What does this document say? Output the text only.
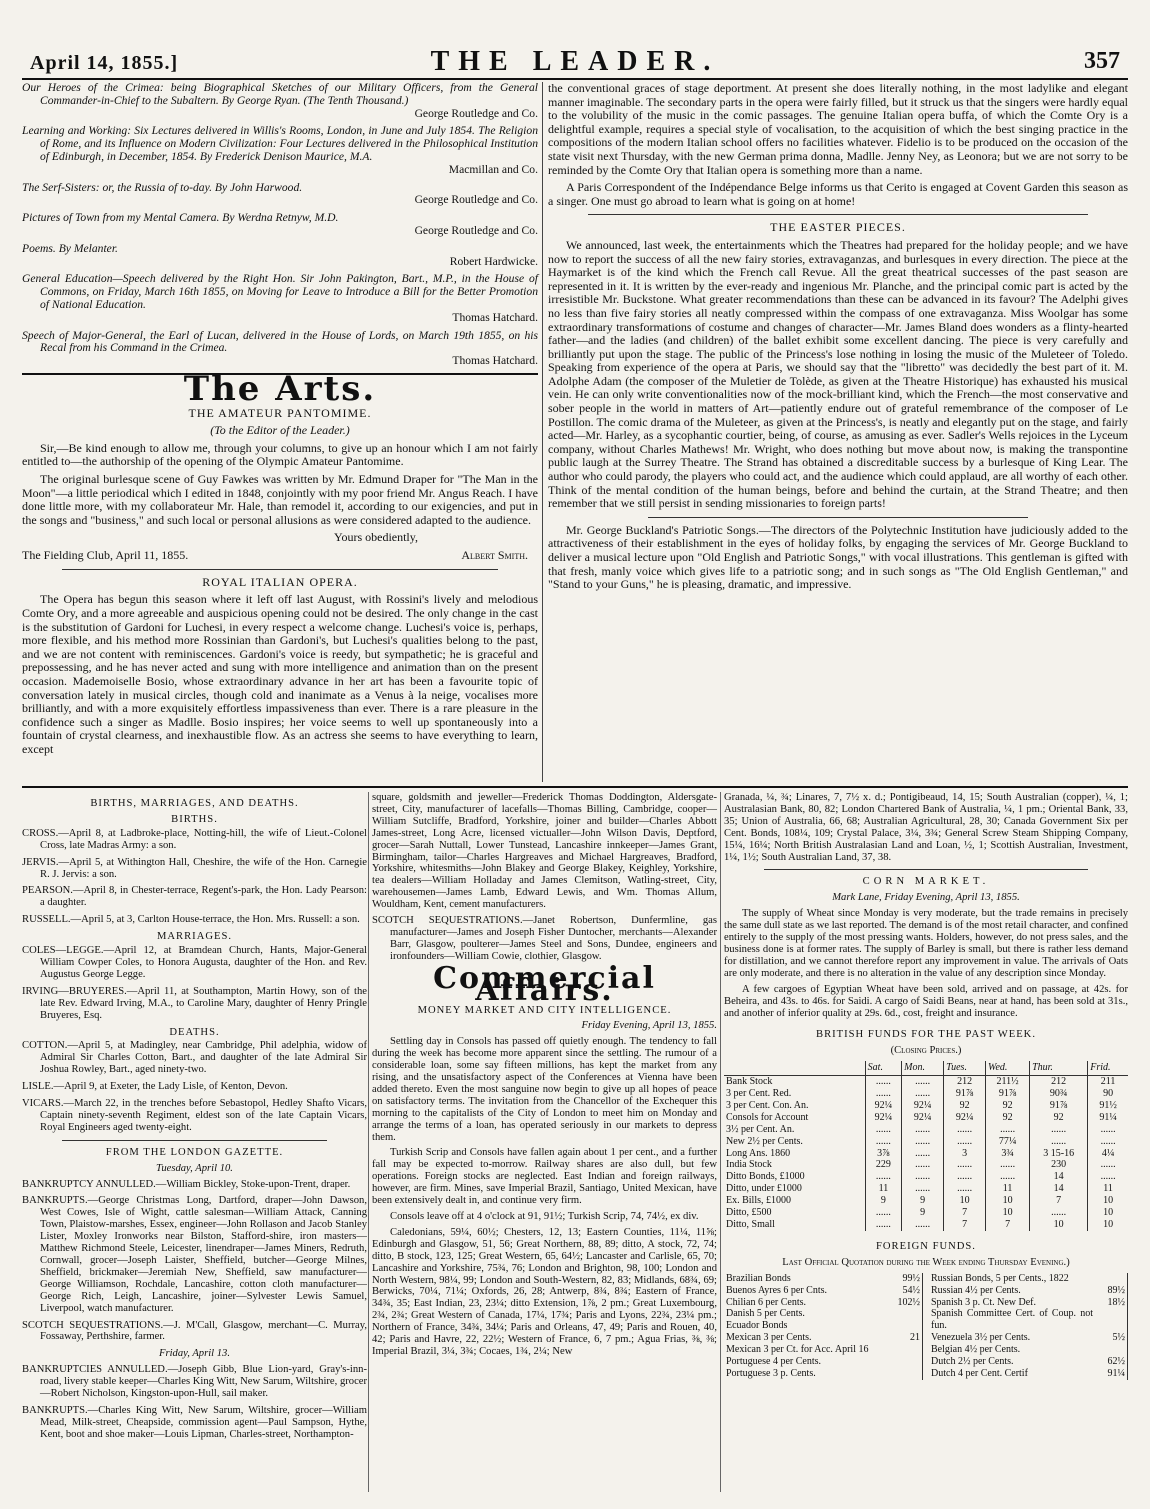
April 14, 1855.]	THE LEADER.	357

Our Heroes of the Crimea: being Biographical Sketches of our Military Officers, from the General Commander-in-Chief to the Subaltern. By George Ryan. (The Tenth Thousand.)

George Routledge and Co.

Learning and Working: Six Lectures delivered in Willis's Rooms, London, in June and July 1854. The Religion of Rome, and its Influence on Modern Civilization: Four Lectures delivered in the Philosophical Institution of Edinburgh, in December, 1854. By Frederick Denison Maurice, M.A.

Macmillan and Co.

The Serf-Sisters: or, the Russia of to-day. By John Harwood.

George Routledge and Co.

Pictures of Town from my Mental Camera. By Werdna Retnyw, M.D.

George Routledge and Co.

Poems. By Melanter.

Robert Hardwicke.

General Education—Speech delivered by the Right Hon. Sir John Pakington, Bart., M.P., in the House of Commons, on Friday, March 16th 1855, on Moving for Leave to Introduce a Bill for the Better Promotion of National Education.

Thomas Hatchard.

Speech of Major-General, the Earl of Lucan, delivered in the House of Lords, on March 19th 1855, on his Recal from his Command in the Crimea.

Thomas Hatchard.

The Arts.
THE AMATEUR PANTOMIME.
(To the Editor of the Leader.)

Sir,—Be kind enough to allow me, through your columns, to give up an honour which I am not fairly entitled to—the authorship of the opening of the Olympic Amateur Pantomime.

The original burlesque scene of Guy Fawkes was written by Mr. Edmund Draper for "The Man in the Moon"—a little periodical which I edited in 1848, conjointly with my poor friend Mr. Angus Reach. I have done little more, with my collaborateur Mr. Hale, than remodel it, according to our exigencies, and put in the songs and "business," and such local or personal allusions as were considered adapted to the audience.

Yours obediently,

The Fielding Club, April 11, 1855.	Albert Smith.

ROYAL ITALIAN OPERA.

The Opera has begun this season where it left off last August, with Rossini's lively and melodious Comte Ory, and a more agreeable and auspicious opening could not be desired. The only change in the cast is the substitution of Gardoni for Luchesi, in every respect a welcome change. Luchesi's voice is, perhaps, more flexible, and his method more Rossinian than Gardoni's, but Luchesi's qualities belong to the past, and we are not content with reminiscences. Gardoni's voice is reedy, but sympathetic; he is graceful and prepossessing, and he has never acted and sung with more intelligence and animation than on the present occasion. Mademoiselle Bosio, whose extraordinary advance in her art has been a favourite topic of conversation lately in musical circles, though cold and inanimate as a Venus à la neige, vocalises more brilliantly, and with a more exquisitely effortless impassiveness than ever. There is a rare pleasure in the confidence such a singer as Madlle. Bosio inspires; her voice seems to well up spontaneously into a fountain of crystal clearness, and inexhaustible flow. As an actress she seems to have everything to learn, except

the conventional graces of stage deportment. At present she does literally nothing, in the most ladylike and elegant manner imaginable. The secondary parts in the opera were fairly filled, but it struck us that the singers were hardly equal to the volubility of the music in the comic passages. The genuine Italian opera buffa, of which the Comte Ory is a delightful example, requires a special style of vocalisation, to the acquisition of which the best singing practice in the compositions of the modern Italian school offers no facilities whatever. Fidelio is to be produced on the occasion of the state visit next Thursday, with the new German prima donna, Madlle. Jenny Ney, as Leonora; but we are not sorry to be reminded by the Comte Ory that Italian opera is something more than a name.

A Paris Correspondent of the Indépendance Belge informs us that Cerito is engaged at Covent Garden this season as a singer. One must go abroad to learn what is going on at home!

THE EASTER PIECES.

We announced, last week, the entertainments which the Theatres had prepared for the holiday people; and we have now to report the success of all the new fairy stories, extravaganzas, and burlesques in every direction. The piece at the Haymarket is of the kind which the French call Revue. All the great theatrical successes of the past season are represented in it. It is written by the ever-ready and ingenious Mr. Planche, and the principal comic part is acted by the irresistible Mr. Buckstone. What greater recommendations than these can be advanced in its favour? The Adelphi gives no less than five fairy stories all neatly compressed within the compass of one extravaganza. Miss Woolgar has some extraordinary transformations of costume and changes of character—Mr. James Bland does wonders as a flinty-hearted father—and the ladies (and children) of the ballet exhibit some excellent dancing. The piece is very carefully and brilliantly put upon the stage. The public of the Princess's lose nothing in losing the music of the Muleteer of Toledo. Speaking from experience of the opera at Paris, we should say that the "libretto" was decidedly the best part of it. M. Adolphe Adam (the composer of the Muletier de Tolède, as given at the Theatre Historique) has exhausted his musical vein. He can only write conventionalities now of the mock-brilliant kind, which the French—the most conservative and sober people in the world in matters of Art—patiently endure out of grateful remembrance of the composer of Le Postillon. The comic drama of the Muleteer, as given at the Princess's, is neatly and elegantly put on the stage, and fairly acted—Mr. Harley, as a sycophantic courtier, being, of course, as amusing as ever. Sadler's Wells rejoices in the Lyceum company, without Charles Mathews! Mr. Wright, who does nothing but move about now, is making the transpontine public laugh at the Surrey Theatre. The Strand has obtained a discreditable success by a burlesque of King Lear. The author who could parody, the players who could act, and the audience which could applaud, are all worthy of each other. Think of the mental condition of the human beings, before and behind the curtain, at the Strand Theatre; and then remember that we still persist in sending missionaries to foreign parts!

Mr. George Buckland's Patriotic Songs.—The directors of the Polytechnic Institution have judiciously added to the attractiveness of their establishment in the eyes of holiday folks, by engaging the services of Mr. George Buckland to deliver a musical lecture upon "Old English and Patriotic Songs," with vocal illustrations. This gentleman is gifted with that fresh, manly voice which gives life to a patriotic song; and in such songs as "The Old English Gentleman," and "Stand to your Guns," he is pleasing, dramatic, and impressive.

BIRTHS, MARRIAGES, AND DEATHS.
BIRTHS.

CROSS.—April 8, at Ladbroke-place, Notting-hill, the wife of Lieut.-Colonel Cross, late Madras Army: a son.

JERVIS.—April 5, at Withington Hall, Cheshire, the wife of the Hon. Carnegie R. J. Jervis: a son.

PEARSON.—April 8, in Chester-terrace, Regent's-park, the Hon. Lady Pearson: a daughter.

RUSSELL.—April 5, at 3, Carlton House-terrace, the Hon. Mrs. Russell: a son.

MARRIAGES.

COLES—LEGGE.—April 12, at Bramdean Church, Hants, Major-General William Cowper Coles, to Honora Augusta, daughter of the Hon. and Rev. Augustus George Legge.

IRVING—BRUYERES.—April 11, at Southampton, Martin Howy, son of the late Rev. Edward Irving, M.A., to Caroline Mary, daughter of Henry Pringle Bruyeres, Esq.

DEATHS.

COTTON.—April 5, at Madingley, near Cambridge, Phil adelphia, widow of Admiral Sir Charles Cotton, Bart., and daughter of the late Admiral Sir Joshua Rowley, Bart., aged ninety-two.

LISLE.—April 9, at Exeter, the Lady Lisle, of Kenton, Devon.

VICARS.—March 22, in the trenches before Sebastopol, Hedley Shafto Vicars, Captain ninety-seventh Regiment, eldest son of the late Captain Vicars, Royal Engineers aged twenty-eight.

FROM THE LONDON GAZETTE.
Tuesday, April 10.

BANKRUPTCY ANNULLED.—William Bickley, Stoke-upon-Trent, draper.

BANKRUPTS.—George Christmas Long, Dartford, draper—John Dawson, West Cowes, Isle of Wight, cattle salesman—William Attack, Canning Town, Plaistow-marshes, Essex, engineer—John Rollason and Jacob Stanley Lister, Moxley Ironworks near Bilston, Stafford-shire, iron masters—Matthew Richmond Steele, Leicester, linendraper—James Miners, Redruth, Cornwall, grocer—Joseph Laister, Sheffield, butcher—George Milnes, Sheffield, brickmaker—Jeremiah New, Sheffield, saw manufacturer—George Williamson, Rochdale, Lancashire, cotton cloth manufacturer—George Rich, Leigh, Lancashire, joiner—Sylvester Lewis Samuel, Liverpool, watch manufacturer.

SCOTCH SEQUESTRATIONS.—J. M'Call, Glasgow, merchant—C. Murray, Fossaway, Perthshire, farmer.

Friday, April 13.

BANKRUPTCIES ANNULLED.—Joseph Gibb, Blue Lion-yard, Gray's-inn-road, livery stable keeper—Charles King Witt, New Sarum, Wiltshire, grocer—Robert Nicholson, Kingston-upon-Hull, sail maker.

BANKRUPTS.—Charles King Witt, New Sarum, Wiltshire, grocer—William Mead, Milk-street, Cheapside, commission agent—Paul Sampson, Hythe, Kent, boot and shoe maker—Louis Lipman, Charles-street, Northampton-

square, goldsmith and jeweller—Frederick Thomas Doddington, Aldersgate-street, City, manufacturer of lacefalls—Thomas Billing, Cambridge, cooper—William Sutcliffe, Bradford, Yorkshire, joiner and builder—Charles Abbott James-street, Long Acre, licensed victualler—John Wilson Davis, Deptford, grocer—Sarah Nuttall, Lower Tunstead, Lancashire innkeeper—James Grant, Birmingham, tailor—Charles Hargreaves and Michael Hargreaves, Bradford, Yorkshire, whitesmiths—John Blakey and George Blakey, Keighley, Yorkshire, tea dealers—William Holladay and James Clemitson, Watling-street, City, warehousemen—James Lamb, Edward Lewis, and Wm. Thomas Allum, Wouldham, Kent, cement manufacturers.

SCOTCH SEQUESTRATIONS.—Janet Robertson, Dunfermline, gas manufacturer—James and Joseph Fisher Duntocher, merchants—Alexander Barr, Glasgow, poulterer—James Steel and Sons, Dundee, engineers and ironfounders—William Cowie, clothier, Glasgow.

Commercial Affairs.
MONEY MARKET AND CITY INTELLIGENCE.

Friday Evening, April 13, 1855.

Settling day in Consols has passed off quietly enough. The tendency to fall during the week has become more apparent since the settling. The rumour of a considerable loan, some say fifteen millions, has kept the market from any rising, and the unsatisfactory aspect of the Conferences at Vienna have been added thereto. Even the most sanguine now begin to give up all hopes of peace on satisfactory terms. The invitation from the Chancellor of the Exchequer this morning to the capitalists of the City of London to meet him on Monday and arrange the terms of a loan, has operated seriously in our markets to depress them.

Turkish Scrip and Consols have fallen again about 1 per cent., and a further fall may be expected to-morrow. Railway shares are also dull, but few operations. Foreign stocks are neglected. East Indian and foreign railways, however, are firm. Mines, save Imperial Brazil, Santiago, United Mexican, have been extensively dealt in, and continue very firm.

Consols leave off at 4 o'clock at 91, 91½; Turkish Scrip, 74, 74½, ex div.

Caledonians, 59¼, 60½; Chesters, 12, 13; Eastern Counties, 11¼, 11⅝; Edinburgh and Glasgow, 51, 56; Great Northern, 88, 89; ditto, A stock, 72, 74; ditto, B stock, 123, 125; Great Western, 65, 64½; Lancaster and Carlisle, 65, 70; Lancashire and Yorkshire, 75¾, 76; London and Brighton, 98, 100; London and North Western, 98¼, 99; London and South-Western, 82, 83; Midlands, 68¾, 69; Berwicks, 70¼, 71¼; Oxfords, 26, 28; Antwerp, 8¾, 8¾; Eastern of France, 34¾, 35; East Indian, 23, 23¼; ditto Extension, 1⅞, 2 pm.; Great Luxembourg, 2¾, 2¾; Great Western of Canada, 17¼, 17¾; Paris and Lyons, 22¾, 23¼ pm.; Northern of France, 34¾, 34¼; Paris and Orleans, 47, 49; Paris and Rouen, 40, 42; Paris and Havre, 22, 22½; Western of France, 6, 7 pm.; Agua Frias, ⅜, ⅜; Imperial Brazil, 3¼, 3¾; Cocaes, 1¾, 2¼; New

Granada, ¼, ¾; Linares, 7, 7½ x. d.; Pontigibeaud, 14, 15; South Australian (copper), ¼, 1; Australasian Bank, 80, 82; London Chartered Bank of Australia, ¼, 1 pm.; Oriental Bank, 33, 35; Union of Australia, 66, 68; Australian Agricultural, 28, 30; Canada Government Six per Cent. Bonds, 108¼, 109; Crystal Palace, 3¼, 3¾; General Screw Steam Shipping Company, 15¼, 16¼; North British Australasian Land and Loan, ½, 1; Scottish Australian, Investment, 1¼, 1½; South Australian Land, 37, 38.

CORN MARKET.

Mark Lane, Friday Evening, April 13, 1855.

The supply of Wheat since Monday is very moderate, but the trade remains in precisely the same dull state as we last reported. The demand is of the most retail character, and confined entirely to the supply of the most pressing wants. Holders, however, do not press sales, and the business done is at former rates. The supply of Barley is small, but there is rather less demand for distillation, and we cannot therefore report any improvement in value. The arrivals of Oats are only moderate, and there is no alteration in the value of any description since Monday.

A few cargoes of Egyptian Wheat have been sold, arrived and on passage, at 42s. for Beheira, and 43s. to 46s. for Saidi. A cargo of Saidi Beans, near at hand, has been sold at 31s., and another of inferior quality at 29s. 6d., cost, freight and insurance.

BRITISH FUNDS FOR THE PAST WEEK.
(Closing Prices.)
	Sat.	Mon.	Tues.	Wed.	Thur.	Frid.
Bank Stock	......	......	212	211½	212	211
3 per Cent. Red.	......	......	91⅞	91⅞	90¾	90
3 per Cent. Con. An.	92¼	92¼	92	92	91⅞	91½
Consols for Account	92¼	92¼	92¼	92	92	91¼
3½ per Cent. An.	......	......	......	......	......	......
New 2½ per Cents.	......	......	......	77¼	......	......
Long Ans. 1860	3⅞	......	3	3¾	3 15-16	4¼
India Stock	229	......	......	......	230	......
Ditto Bonds, £1000	......	......	......	......	14	......
Ditto, under £1000	11	......	......	11	14	11
Ex. Bills, £1000	9	9	10	10	7	10
Ditto, £500	......	9	7	10	......	10
Ditto, Small	......	......	7	7	10	10
FOREIGN FUNDS.
Last Official Quotation during the Week ending Thursday Evening.)
Brazilian Bonds	99½
Buenos Ayres 6 per Cnts.	54½
Chilian 6 per Cents.	102½
Danish 5 per Cents.	
Ecuador Bonds	
Mexican 3 per Cents.	21
Mexican 3 per Ct. for Acc. April 16	
Portuguese 4 per Cents.	
Portuguese 3 p. Cents.	
Russian Bonds, 5 per Cents., 1822	
Russian 4½ per Cents.	89½
Spanish 3 p. Ct. New Def.	18½
Spanish Committee Cert. of Coup. not fun.	
Venezuela 3½ per Cents.	5½
Belgian 4½ per Cents.	
Dutch 2½ per Cents.	62½
Dutch 4 per Cent. Certif	91¼
